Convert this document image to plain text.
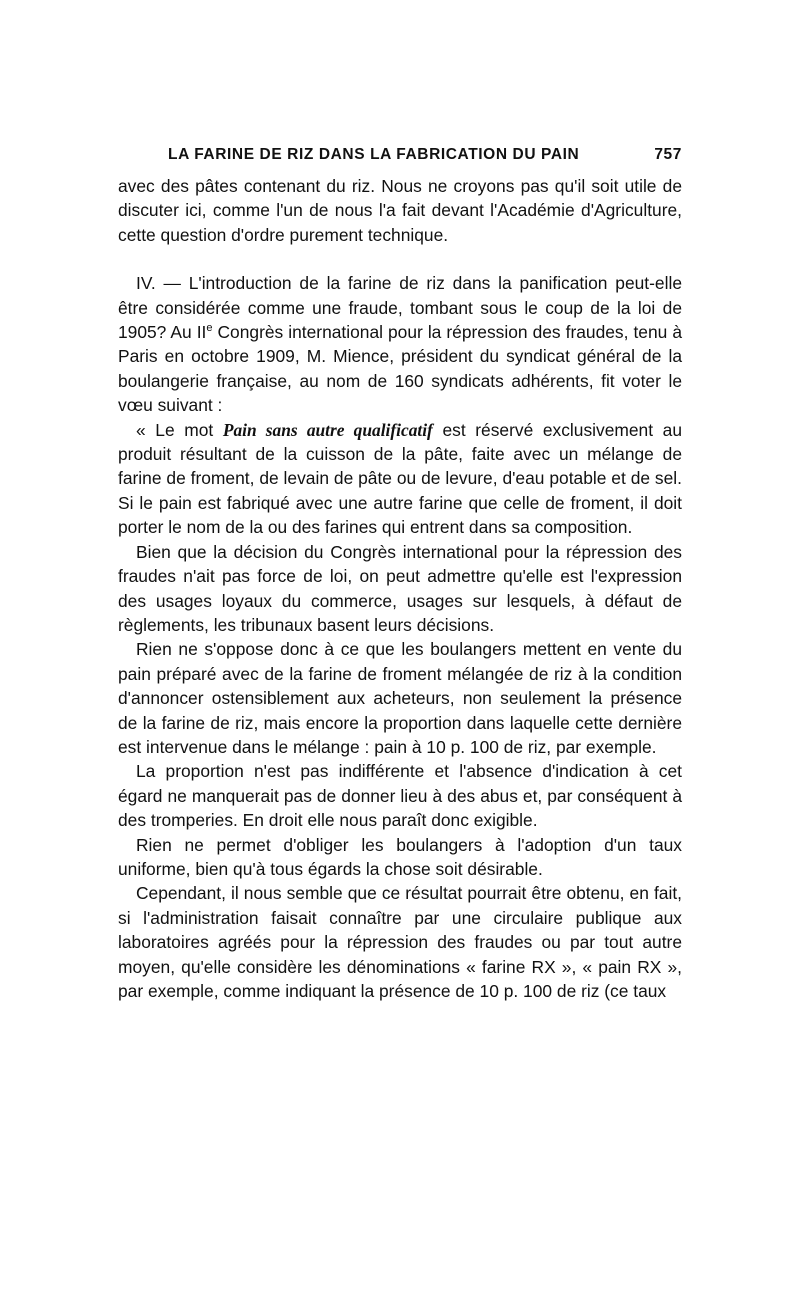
LA FARINE DE RIZ DANS LA FABRICATION DU PAIN	757

avec des pâtes contenant du riz. Nous ne croyons pas qu'il soit utile de discuter ici, comme l'un de nous l'a fait devant l'Académie d'Agriculture, cette question d'ordre purement technique.

IV. — L'introduction de la farine de riz dans la panification peut-elle être considérée comme une fraude, tombant sous le coup de la loi de 1905? Au IIe Congrès international pour la répression des fraudes, tenu à Paris en octobre 1909, M. Mience, président du syndicat général de la boulangerie française, au nom de 160 syndicats adhérents, fit voter le vœu suivant :

« Le mot Pain sans autre qualificatif est réservé exclusivement au produit résultant de la cuisson de la pâte, faite avec un mélange de farine de froment, de levain de pâte ou de levure, d'eau potable et de sel. Si le pain est fabriqué avec une autre farine que celle de froment, il doit porter le nom de la ou des farines qui entrent dans sa composition.

Bien que la décision du Congrès international pour la répression des fraudes n'ait pas force de loi, on peut admettre qu'elle est l'expression des usages loyaux du commerce, usages sur lesquels, à défaut de règlements, les tribunaux basent leurs décisions.

Rien ne s'oppose donc à ce que les boulangers mettent en vente du pain préparé avec de la farine de froment mélangée de riz à la condition d'annoncer ostensiblement aux acheteurs, non seulement la présence de la farine de riz, mais encore la proportion dans laquelle cette dernière est intervenue dans le mélange : pain à 10 p. 100 de riz, par exemple.

La proportion n'est pas indifférente et l'absence d'indication à cet égard ne manquerait pas de donner lieu à des abus et, par conséquent à des tromperies. En droit elle nous paraît donc exigible.

Rien ne permet d'obliger les boulangers à l'adoption d'un taux uniforme, bien qu'à tous égards la chose soit désirable.

Cependant, il nous semble que ce résultat pourrait être obtenu, en fait, si l'administration faisait connaître par une circulaire publique aux laboratoires agréés pour la répression des fraudes ou par tout autre moyen, qu'elle considère les dénominations « farine RX », « pain RX », par exemple, comme indiquant la présence de 10 p. 100 de riz (ce taux
